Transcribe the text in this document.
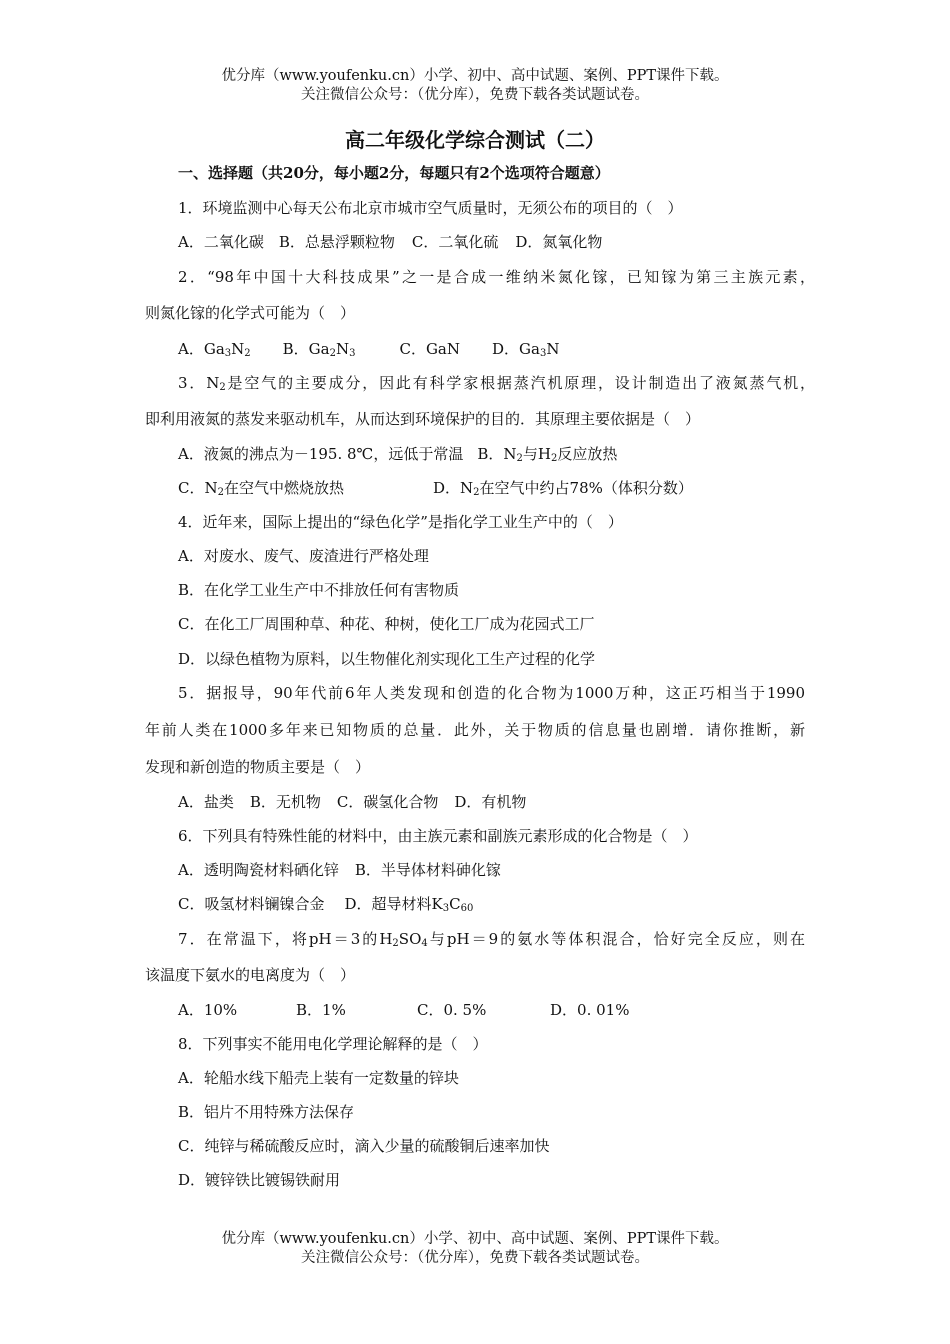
优分库（www.youfenku.cn）小学、初中、高中试题、案例、PPT课件下载。
关注微信公众号：（优分库），免费下载各类试题试卷。
高二年级化学综合测试（二）
一、选择题（共20分，每小题2分，每题只有2个选项符合题意）
1．环境监测中心每天公布北京市城市空气质量时，无须公布的项目的（　）
A．二氧化碳 B．总悬浮颗粒物 C．二氧化硫 D．氮氧化物
2．“98年中国十大科技成果”之一是合成一维纳米氮化镓，已知镓为第三主族元素，
则氮化镓的化学式可能为（　）
A．$Ga_3N_2$ B．$Ga_2N_3$	C．GaN D．$Ga_3N$
3．$N_2$是空气的主要成分，因此有科学家根据蒸汽机原理，设计制造出了液氮蒸气机，
即利用液氮的蒸发来驱动机车，从而达到环境保护的目的．其原理主要依据是（　）
A．液氮的沸点为－195. 8℃，远低于常温 B．$N_2$与$H_2$反应放热
C．$N_2$在空气中燃烧放热	D．$N_2$在空气中约占78%（体积分数）
4．近年来，国际上提出的“绿色化学”是指化学工业生产中的（　）
A．对废水、废气、废渣进行严格处理
B．在化学工业生产中不排放任何有害物质
C．在化工厂周围种草、种花、种树，使化工厂成为花园式工厂
D．以绿色植物为原料，以生物催化剂实现化工生产过程的化学
5．据报导，90年代前6年人类发现和创造的化合物为1000万种，这正巧相当于1990
年前人类在1000多年来已知物质的总量．此外，关于物质的信息量也剧增．请你推断，新
发现和新创造的物质主要是（　）
A．盐类 B．无机物 C．碳氢化合物 D．有机物
6．下列具有特殊性能的材料中，由主族元素和副族元素形成的化合物是（　）
A．透明陶瓷材料硒化锌 B．半导体材料砷化镓
C．吸氢材料镧镍合金 D．超导材料$K_3C_{60}$
7．在常温下，将pH＝3的$H_2SO_4$与pH＝9的氨水等体积混合，恰好完全反应，则在
该温度下氨水的电离度为（　）
A．10%	B．1%	C．0. 5%	D．0. 01%
8．下列事实不能用电化学理论解释的是（　）
A．轮船水线下船壳上装有一定数量的锌块
B．铝片不用特殊方法保存
C．纯锌与稀硫酸反应时，滴入少量的硫酸铜后速率加快
D．镀锌铁比镀锡铁耐用
优分库（www.youfenku.cn）小学、初中、高中试题、案例、PPT课件下载。
关注微信公众号：（优分库），免费下载各类试题试卷。
